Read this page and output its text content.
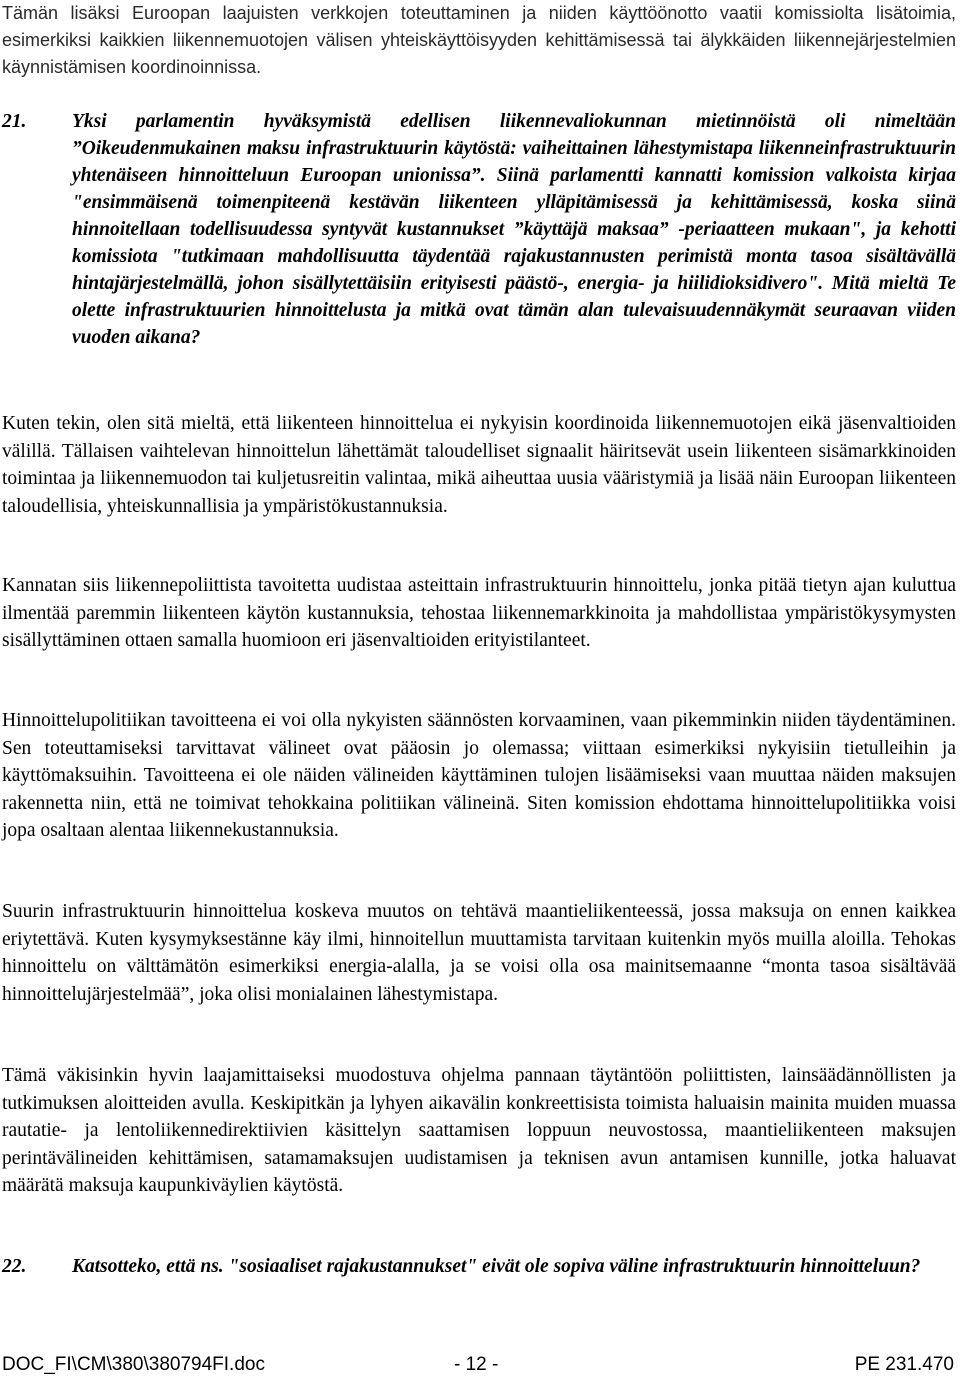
Tämän lisäksi Euroopan laajuisten verkkojen toteuttaminen ja niiden käyttöönotto vaatii komissiolta lisätoimia, esimerkiksi kaikkien liikennemuotojen välisen yhteiskäyttöisyyden kehittämisessä tai älykkäiden liikennejärjestelmien käynnistämisen koordinoinnissa.

21.	Yksi parlamentin hyväksymistä edellisen liikennevaliokunnan mietinnöistä oli nimeltään ”Oikeudenmukainen maksu infrastruktuurin käytöstä: vaiheittainen lähestymistapa liikenneinfrastruktuurin yhtenäiseen hinnoitteluun Euroopan unionissa”. Siinä parlamentti kannatti komission valkoista kirjaa "ensimmäisenä toimenpiteenä kestävän liikenteen ylläpitämisessä ja kehittämisessä, koska siinä hinnoitellaan todellisuudessa syntyvät kustannukset ”käyttäjä maksaa” -periaatteen mukaan", ja kehotti komissiota "tutkimaan mahdollisuutta täydentää rajakustannusten perimistä monta tasoa sisältävällä hintajärjestelmällä, johon sisällytettäisiin erityisesti päästö-, energia- ja hiilidioksidivero". Mitä mieltä Te olette infrastruktuurien hinnoittelusta ja mitkä ovat tämän alan tulevaisuudennäkymät seuraavan viiden vuoden aikana?

Kuten tekin, olen sitä mieltä, että liikenteen hinnoittelua ei nykyisin koordinoida liikennemuotojen eikä jäsenvaltioiden välillä. Tällaisen vaihtelevan hinnoittelun lähettämät taloudelliset signaalit häiritsevät usein liikenteen sisämarkkinoiden toimintaa ja liikennemuodon tai kuljetusreitin valintaa, mikä aiheuttaa uusia vääristymiä ja lisää näin Euroopan liikenteen taloudellisia, yhteiskunnallisia ja ympäristökustannuksia.

Kannatan siis liikennepoliittista tavoitetta uudistaa asteittain infrastruktuurin hinnoittelu, jonka pitää tietyn ajan kuluttua ilmentää paremmin liikenteen käytön kustannuksia, tehostaa liikennemarkkinoita ja mahdollistaa ympäristökysymysten sisällyttäminen ottaen samalla huomioon eri jäsenvaltioiden erityistilanteet.

Hinnoittelupolitiikan tavoitteena ei voi olla nykyisten säännösten korvaaminen, vaan pikemminkin niiden täydentäminen. Sen toteuttamiseksi tarvittavat välineet ovat pääosin jo olemassa; viittaan esimerkiksi nykyisiin tietulleihin ja käyttömaksuihin. Tavoitteena ei ole näiden välineiden käyttäminen tulojen lisäämiseksi vaan muuttaa näiden maksujen rakennetta niin, että ne toimivat tehokkaina politiikan välineinä. Siten komission ehdottama hinnoittelupolitiikka voisi jopa osaltaan alentaa liikennekustannuksia.

Suurin infrastruktuurin hinnoittelua koskeva muutos on tehtävä maantieliikenteessä, jossa maksuja on ennen kaikkea eriytettävä. Kuten kysymyksestänne käy ilmi, hinnoitellun muuttamista tarvitaan kuitenkin myös muilla aloilla. Tehokas hinnoittelu on välttämätön esimerkiksi energia-alalla, ja se voisi olla osa mainitsemaanne “monta tasoa sisältävää hinnoittelujärjestelmää”, joka olisi monialainen lähestymistapa.

Tämä väkisinkin hyvin laajamittaiseksi muodostuva ohjelma pannaan täytäntöön poliittisten, lainsäädännöllisten ja tutkimuksen aloitteiden avulla. Keskipitkän ja lyhyen aikavälin konkreettisista toimista haluaisin mainita muiden muassa rautatie- ja lentoliikennedirektiivien käsittelyn saattamisen loppuun neuvostossa, maantieliikenteen maksujen perintävälineiden kehittämisen, satamamaksujen uudistamisen ja teknisen avun antamisen kunnille, jotka haluavat määrätä maksuja kaupunkiväylien käytöstä.

22.	Katsotteko, että ns. "sosiaaliset rajakustannukset" eivät ole sopiva väline infrastruktuurin hinnoitteluun?
DOC_FI\CM\380\380794FI.doc	- 12 -	PE 231.470
